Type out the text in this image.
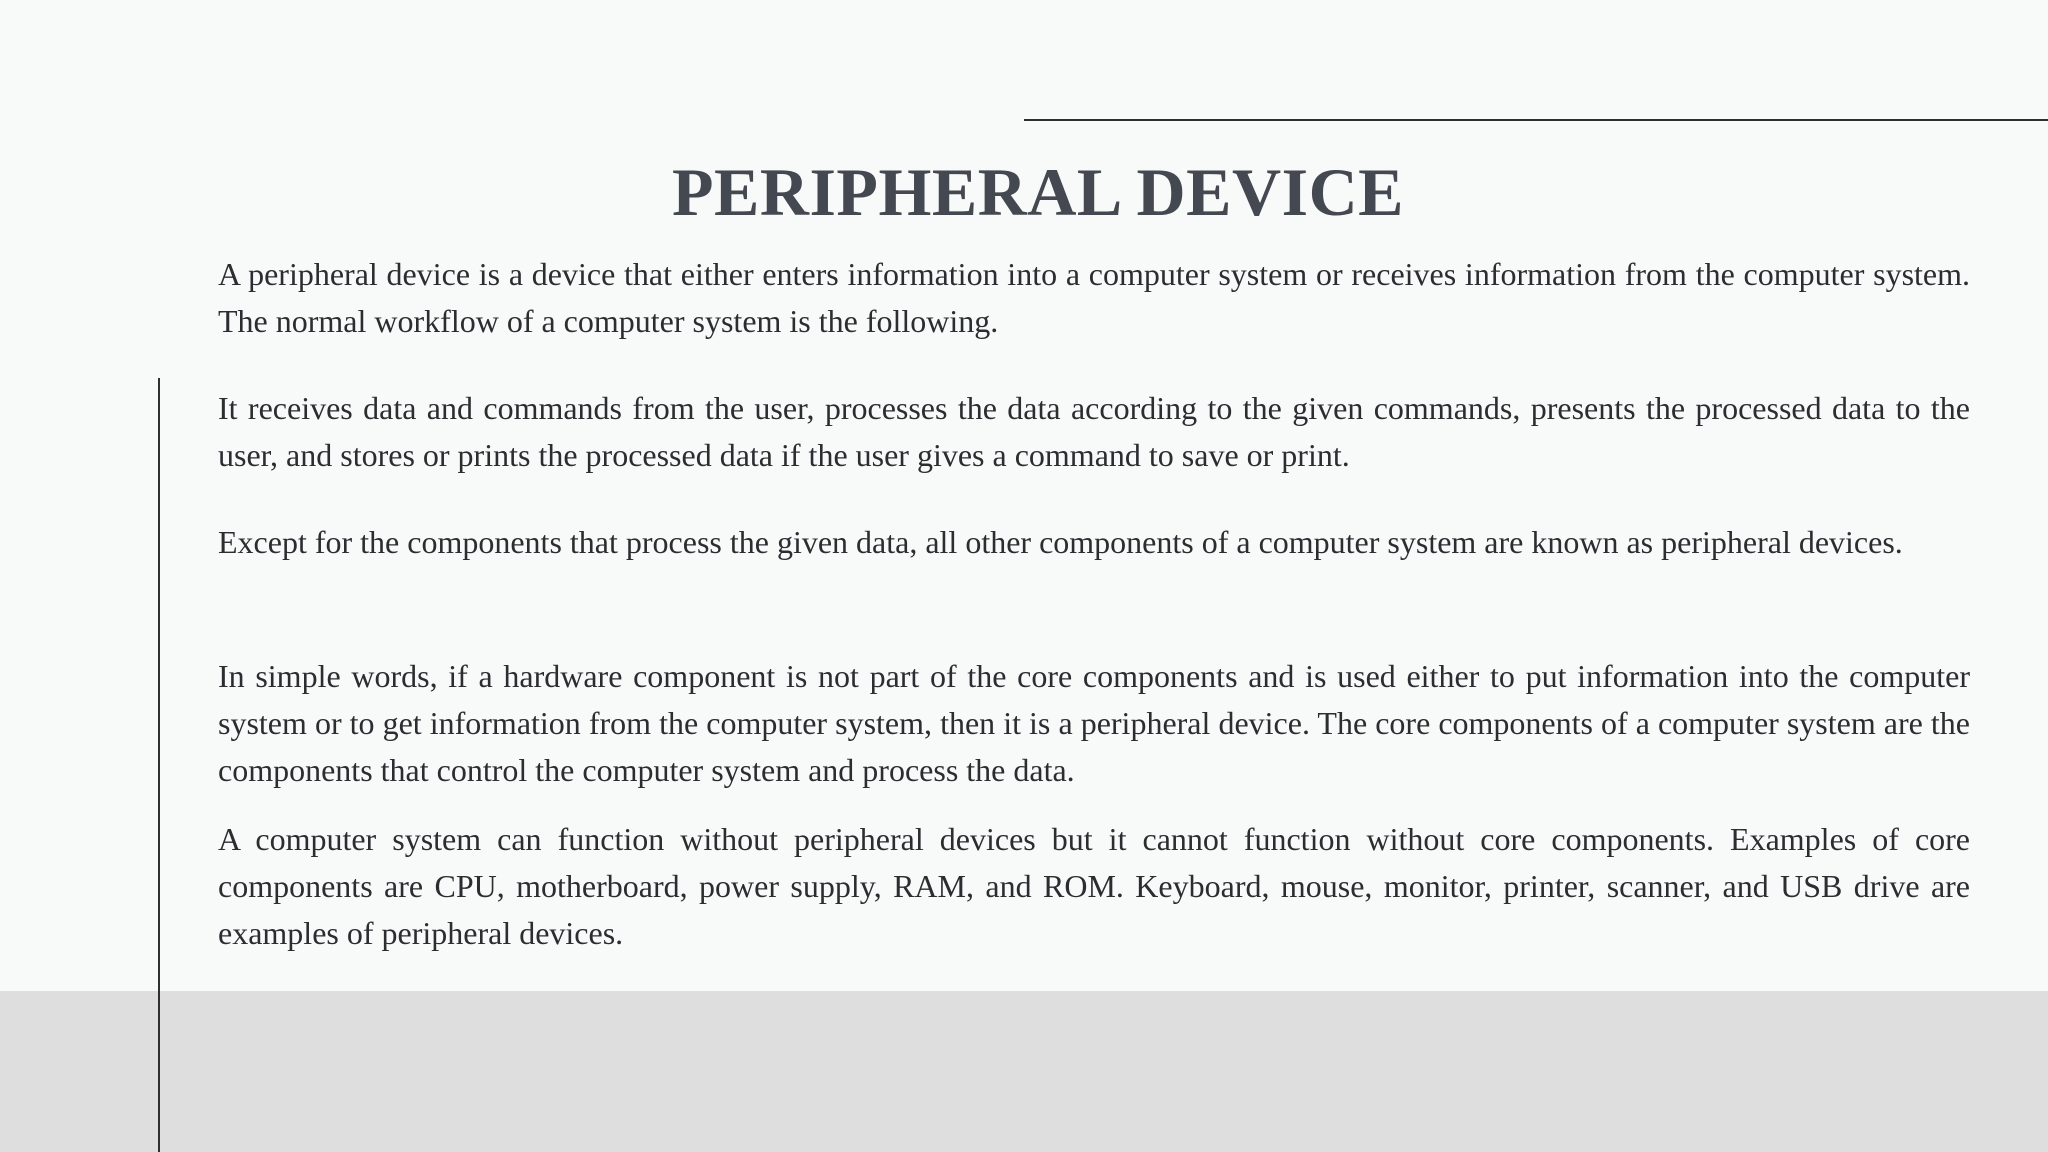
PERIPHERAL DEVICE

A peripheral device is a device that either enters information into a computer system or receives information from the computer system. The normal workflow of a computer system is the following.

It receives data and commands from the user, processes the data according to the given commands, presents the processed data to the user, and stores or prints the processed data if the user gives a command to save or print.

Except for the components that process the given data, all other components of a computer system are known as peripheral devices.

In simple words, if a hardware component is not part of the core components and is used either to put information into the computer system or to get information from the computer system, then it is a peripheral device. The core components of a computer system are the components that control the computer system and process the data.

A computer system can function without peripheral devices but it cannot function without core components. Examples of core components are CPU, motherboard, power supply, RAM, and ROM. Keyboard, mouse, monitor, printer, scanner, and USB drive are examples of peripheral devices.
